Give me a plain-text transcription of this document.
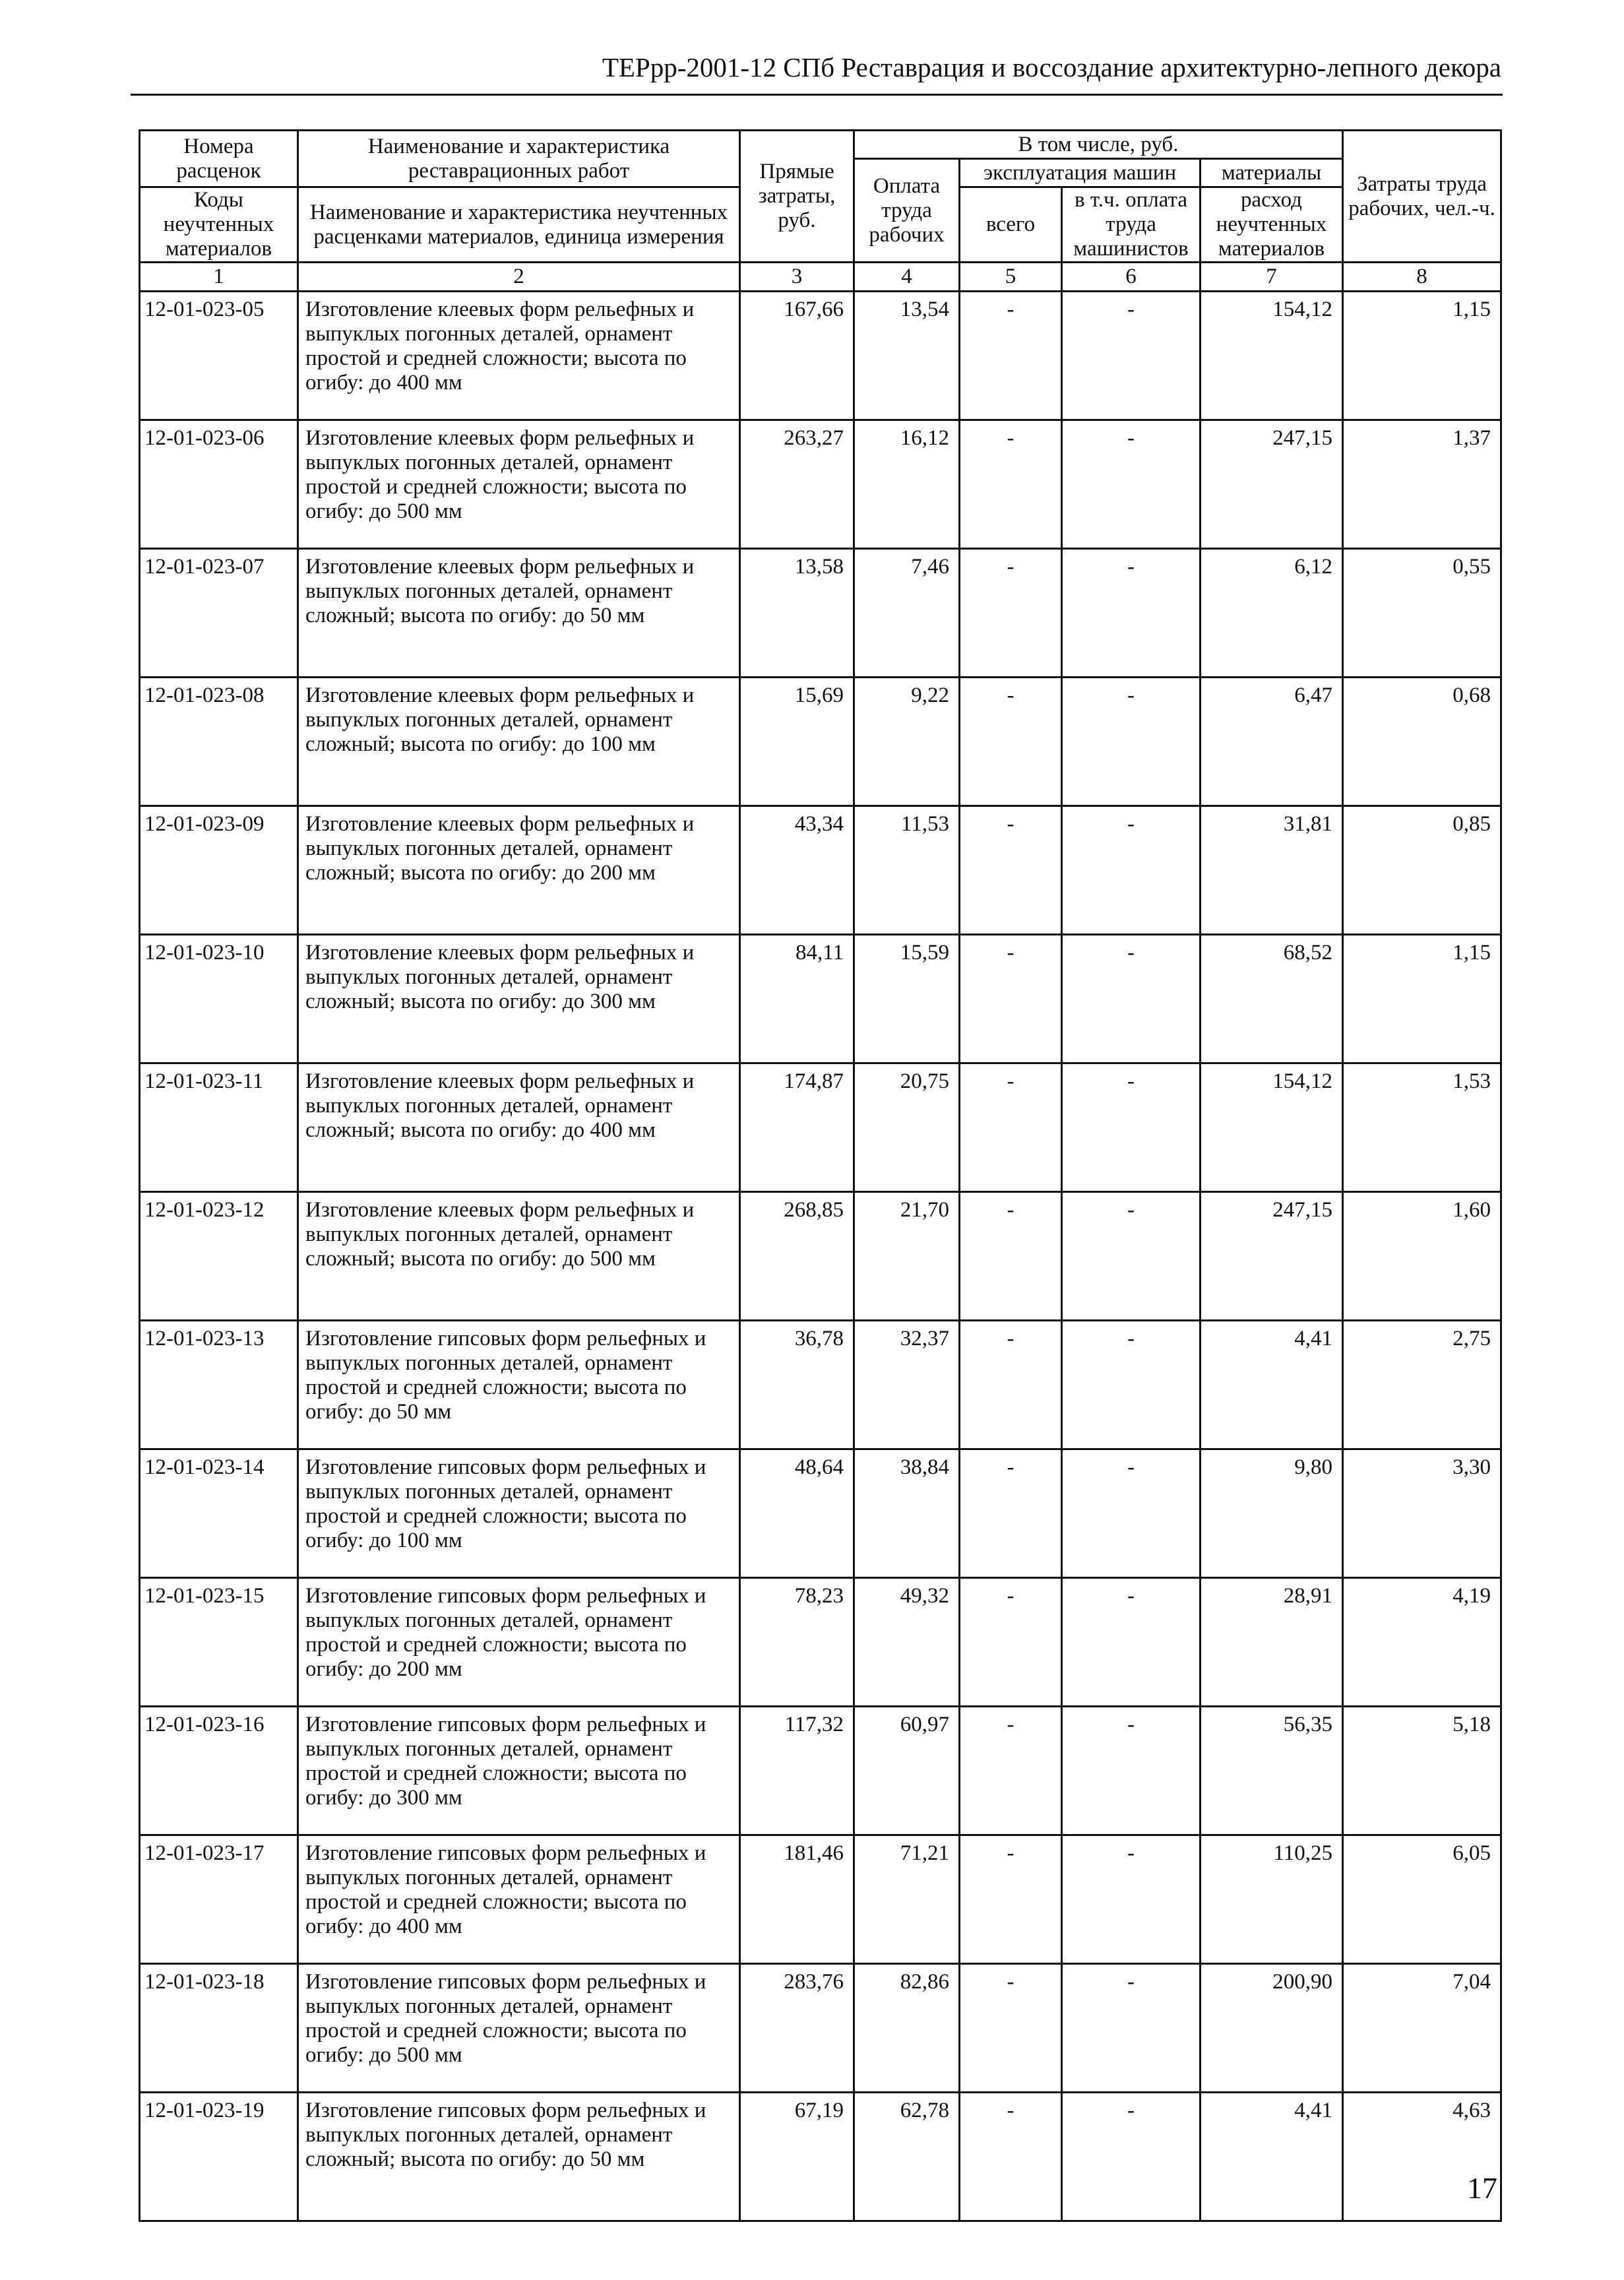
ТЕРрр-2001-12 СПб Реставрация и воссоздание архитектурно-лепного декора
Номера расценок	Наименование и характеристика реставрационных работ	Прямые затраты, руб.	В том числе, руб.				Затраты труда рабочих, чел.-ч.
			Оплата труда рабочих	эксплуатация машин		материалы	
Коды неучтенных материалов	Наименование и характеристика неучтенных расценками материалов, единица измерения			всего	в т.ч. оплата труда машинистов	расход неучтенных материалов	

1	2	3	4	5	6	7	8
12-01-023-05	Изготовление клеевых форм рельефных и выпуклых погонных деталей, орнамент простой и средней сложности; высота по огибу: до 400 мм	167,66	13,54	-	-	154,12	1,15
12-01-023-06	Изготовление клеевых форм рельефных и выпуклых погонных деталей, орнамент простой и средней сложности; высота по огибу: до 500 мм	263,27	16,12	-	-	247,15	1,37
12-01-023-07	Изготовление клеевых форм рельефных и выпуклых погонных деталей, орнамент сложный; высота по огибу: до 50 мм	13,58	7,46	-	-	6,12	0,55
12-01-023-08	Изготовление клеевых форм рельефных и выпуклых погонных деталей, орнамент сложный; высота по огибу: до 100 мм	15,69	9,22	-	-	6,47	0,68
12-01-023-09	Изготовление клеевых форм рельефных и выпуклых погонных деталей, орнамент сложный; высота по огибу: до 200 мм	43,34	11,53	-	-	31,81	0,85
12-01-023-10	Изготовление клеевых форм рельефных и выпуклых погонных деталей, орнамент сложный; высота по огибу: до 300 мм	84,11	15,59	-	-	68,52	1,15
12-01-023-11	Изготовление клеевых форм рельефных и выпуклых погонных деталей, орнамент сложный; высота по огибу: до 400 мм	174,87	20,75	-	-	154,12	1,53
12-01-023-12	Изготовление клеевых форм рельефных и выпуклых погонных деталей, орнамент сложный; высота по огибу: до 500 мм	268,85	21,70	-	-	247,15	1,60
12-01-023-13	Изготовление гипсовых форм рельефных и выпуклых погонных деталей, орнамент простой и средней сложности; высота по огибу: до 50 мм	36,78	32,37	-	-	4,41	2,75
12-01-023-14	Изготовление гипсовых форм рельефных и выпуклых погонных деталей, орнамент простой и средней сложности; высота по огибу: до 100 мм	48,64	38,84	-	-	9,80	3,30
12-01-023-15	Изготовление гипсовых форм рельефных и выпуклых погонных деталей, орнамент простой и средней сложности; высота по огибу: до 200 мм	78,23	49,32	-	-	28,91	4,19
12-01-023-16	Изготовление гипсовых форм рельефных и выпуклых погонных деталей, орнамент простой и средней сложности; высота по огибу: до 300 мм	117,32	60,97	-	-	56,35	5,18
12-01-023-17	Изготовление гипсовых форм рельефных и выпуклых погонных деталей, орнамент простой и средней сложности; высота по огибу: до 400 мм	181,46	71,21	-	-	110,25	6,05
12-01-023-18	Изготовление гипсовых форм рельефных и выпуклых погонных деталей, орнамент простой и средней сложности; высота по огибу: до 500 мм	283,76	82,86	-	-	200,90	7,04
12-01-023-19	Изготовление гипсовых форм рельефных и выпуклых погонных деталей, орнамент сложный; высота по огибу: до 50 мм	67,19	62,78	-	-	4,41	4,63
17
